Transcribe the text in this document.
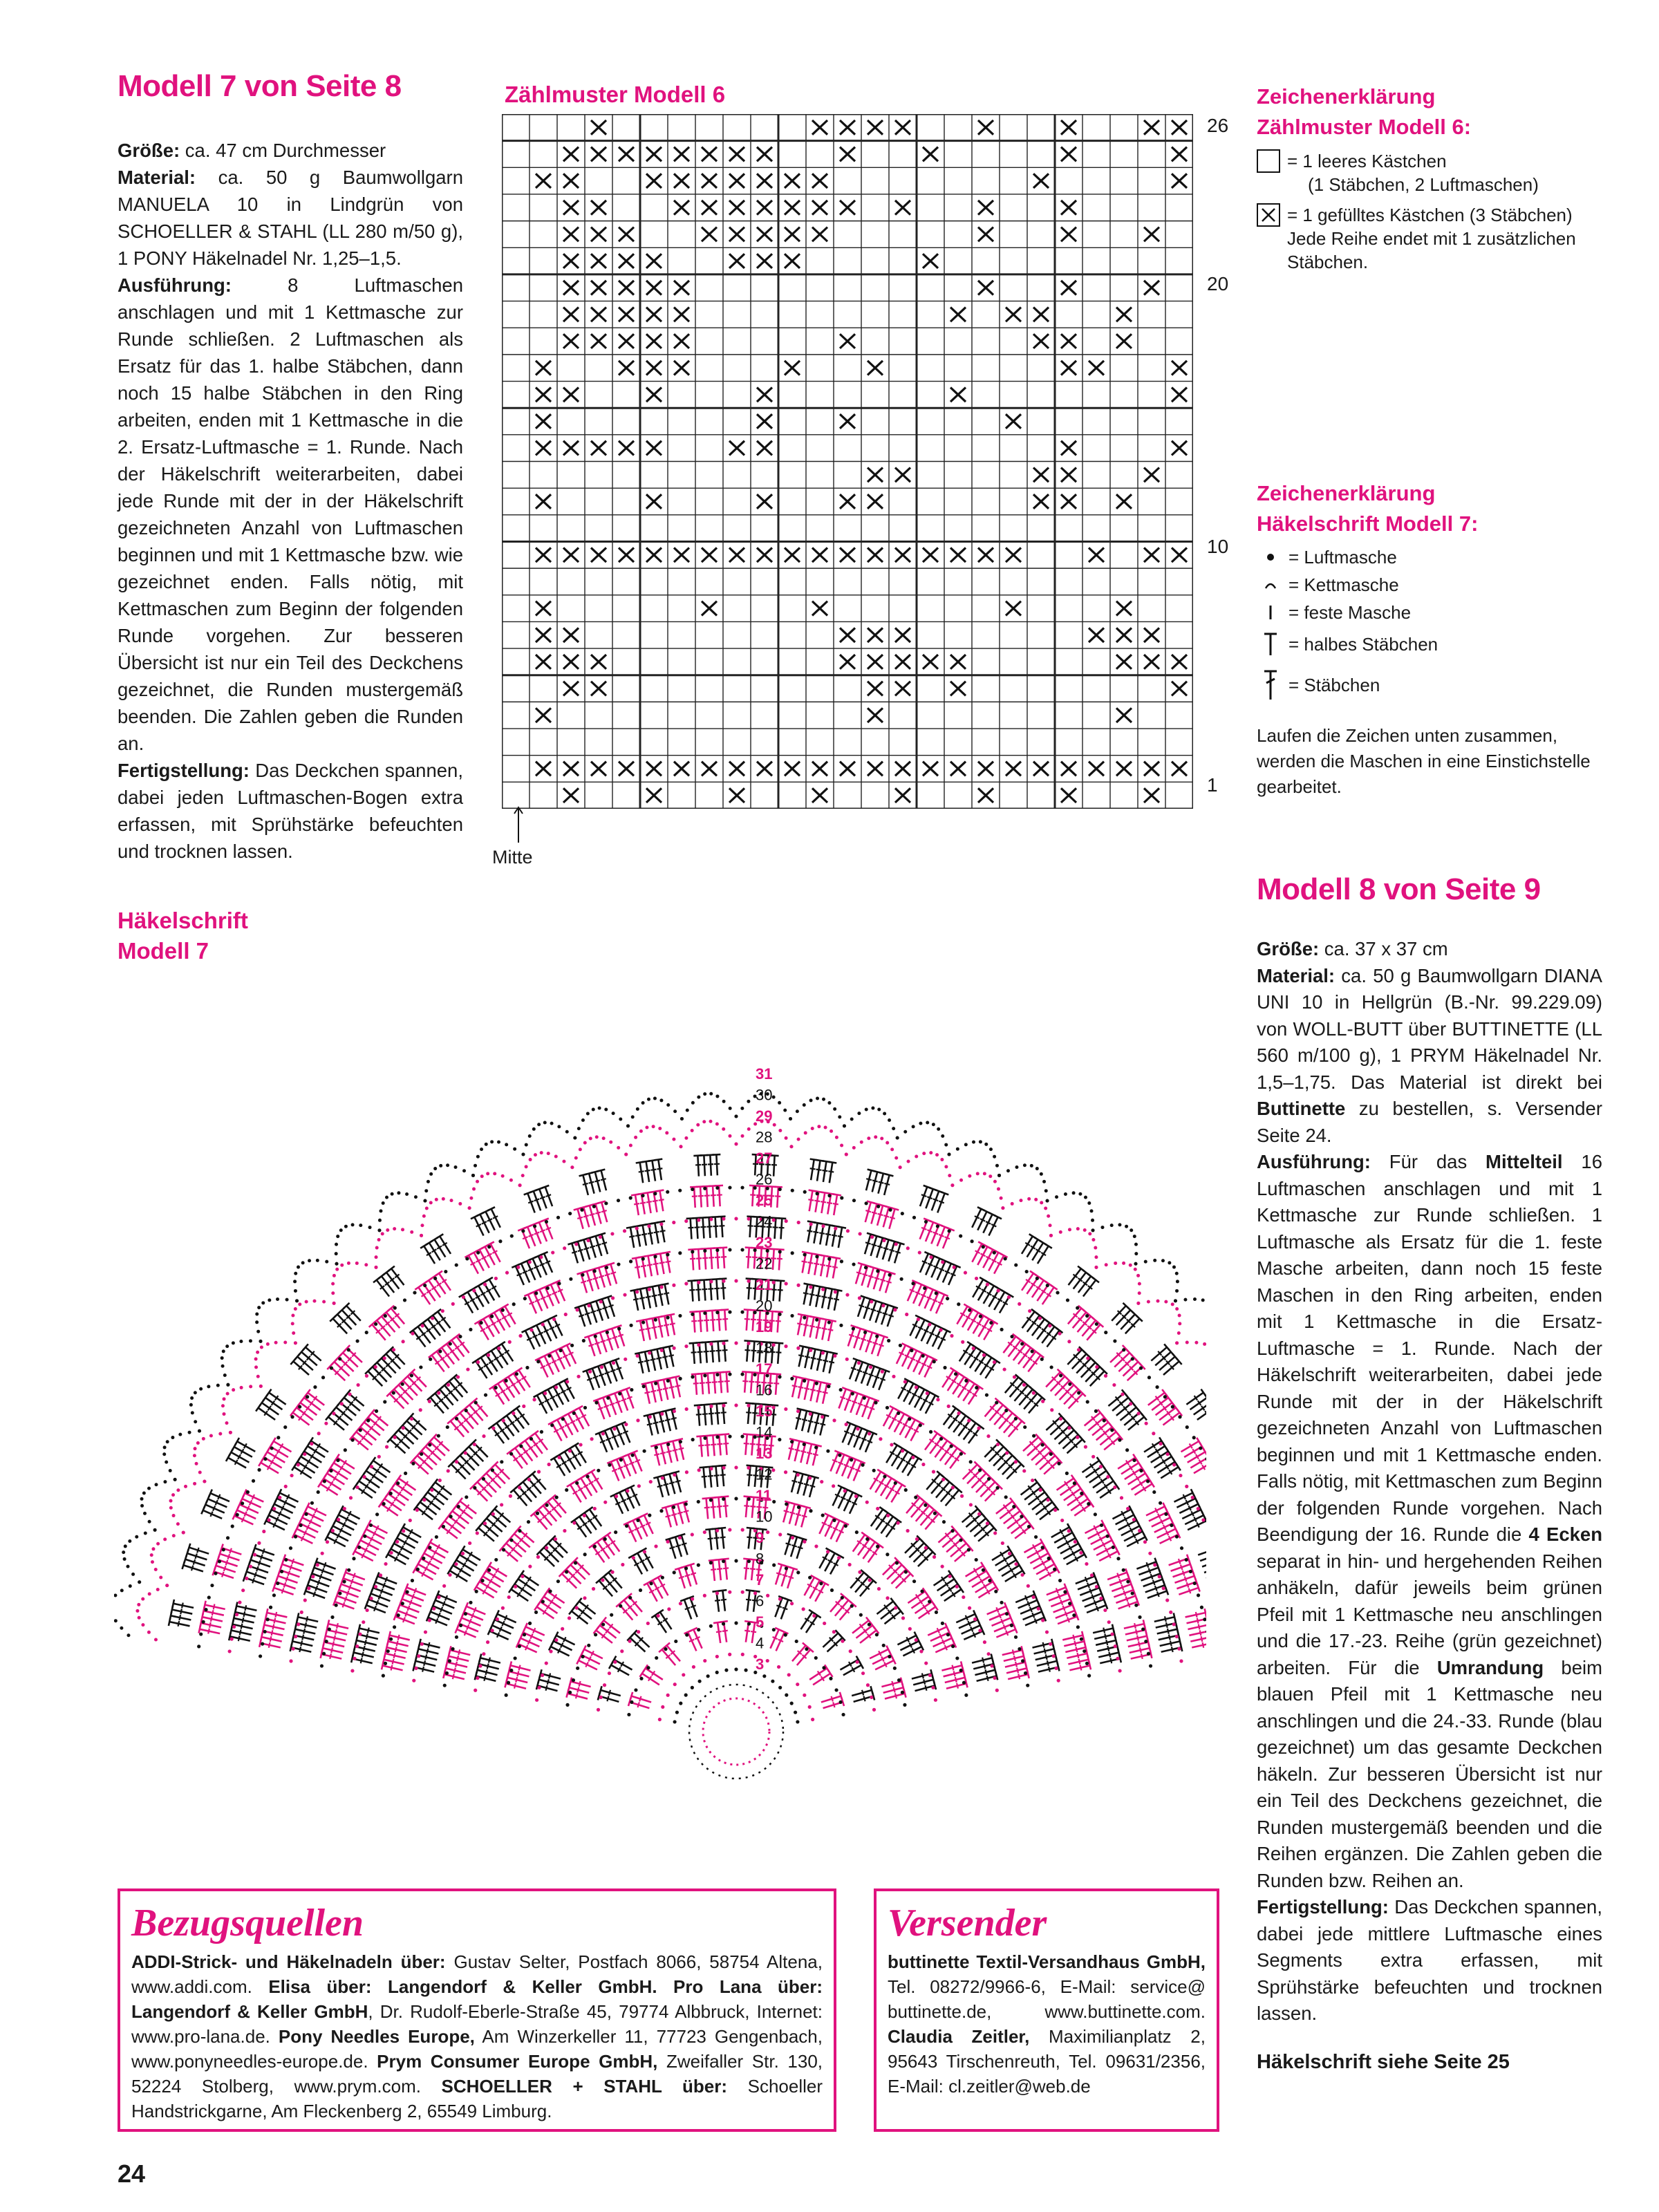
Modell 7 von Seite 8
Größe: ca. 47 cm Durchmesser
Material: ca. 50 g Baumwollgarn MANUELA 10 in Lindgrün von SCHOELLER & STAHL (LL 280 m/50 g), 1 PONY Häkelnadel Nr. 1,25–1,5.
Ausführung: 8 Luftmaschen anschlagen und mit 1 Kettmasche zur Runde schließen. 2 Luftmaschen als Ersatz für das 1. halbe Stäbchen, dann noch 15 halbe Stäbchen in den Ring arbeiten, enden mit 1 Kettmasche in die 2. Ersatz-Luftmasche = 1. Runde. Nach der Häkelschrift weiterarbeiten, dabei jede Runde mit der in der Häkelschrift gezeichneten Anzahl von Luftmaschen beginnen und mit 1 Kettmasche bzw. wie gezeichnet enden. Falls nötig, mit Kettmaschen zum Beginn der folgenden Runde vorgehen. Zur besseren Übersicht ist nur ein Teil des Deckchens gezeichnet, die Runden mustergemäß beenden. Die Zahlen geben die Runden an.
Fertigstellung: Das Deckchen spannen, dabei jeden Luftmaschen-Bogen extra erfassen, mit Sprühstärke befeuchten und trocknen lassen.
Zählmuster Modell 6
26
20
10
1
Mitte
Zeichenerklärung
Zählmuster Modell 6:
= 1 leeres Kästchen
(1 Stäbchen, 2 Luftmaschen)
= 1 gefülltes Kästchen (3 Stäbchen)
Jede Reihe endet mit 1 zusätzlichen Stäbchen.
Zeichenerklärung
Häkelschrift Modell 7:
= Luftmasche
= Kettmasche
= feste Masche
= halbes Stäbchen
= Stäbchen
Laufen die Zeichen unten zusammen, werden die Maschen in eine Einstichstelle gearbeitet.
Modell 8 von Seite 9
Größe: ca. 37 x 37 cm
Material: ca. 50 g Baumwollgarn DIANA UNI 10 in Hellgrün (B.-Nr. 99.229.09) von WOLL-BUTT über BUTTINETTE (LL 560 m/100 g), 1 PRYM Häkelnadel Nr. 1,5–1,75. Das Material ist direkt bei Buttinette zu bestellen, s. Versender Seite 24.
Ausführung: Für das Mittelteil 16 Luftmaschen anschlagen und mit 1 Kettmasche zur Runde schließen. 1 Luftmasche als Ersatz für die 1. feste Masche arbeiten, dann noch 15 feste Maschen in den Ring arbeiten, enden mit 1 Kettmasche in die Ersatz-Luftmasche = 1. Runde. Nach der Häkelschrift weiterarbeiten, dabei jede Runde mit der in der Häkelschrift gezeichneten Anzahl von Luftmaschen beginnen und mit 1 Kettmasche enden. Falls nötig, mit Kettmaschen zum Beginn der folgenden Runde vorgehen. Nach Beendigung der 16. Runde die 4 Ecken separat in hin- und hergehenden Reihen anhäkeln, dafür jeweils beim grünen Pfeil mit 1 Kettmasche neu anschlingen und die 17.-23. Reihe (grün gezeichnet) arbeiten. Für die Umrandung beim blauen Pfeil mit 1 Kettmasche neu anschlingen und die 24.-33. Runde (blau gezeichnet) um das gesamte Deckchen häkeln. Zur besseren Übersicht ist nur ein Teil des Deckchens gezeichnet, die Runden mustergemäß beenden und die Reihen ergänzen. Die Zahlen geben die Runden bzw. Reihen an.
Fertigstellung: Das Deckchen spannen, dabei jede mittlere Luftmasche eines Segments extra erfassen, mit Sprühstärke befeuchten und trocknen lassen.
Häkelschrift siehe Seite 25
Häkelschrift
Modell 7
31
30
29
28
27
26
25
24
23
22
21
20
19
18
17
16
15
14
13
12
11
10
9
8
7
6
5
4
3
Bezugsquellen
ADDI-Strick- und Häkelnadeln über: Gustav Selter, Postfach 8066, 58754 Altena, www.addi.com. Elisa über: Langendorf & Keller GmbH. Pro Lana über: Langendorf & Keller GmbH, Dr. Rudolf-Eberle-Straße 45, 79774 Albbruck, Internet: www.pro-lana.de. Pony Needles Europe, Am Winzerkeller 11, 77723 Gengenbach, www.ponyneedles-europe.de. Prym Consumer Europe GmbH, Zweifaller Str. 130, 52224 Stolberg, www.prym.com. SCHOELLER + STAHL über: Schoeller Handstrickgarne, Am Fleckenberg 2, 65549 Limburg.
Versender
buttinette Textil-Versandhaus GmbH, Tel. 08272/9966-6, E-Mail: service@ buttinette.de, www.buttinette.com. Claudia Zeitler, Maximilianplatz 2, 95643 Tirschenreuth, Tel. 09631/2356, E-Mail: cl.zeitler@web.de
24
